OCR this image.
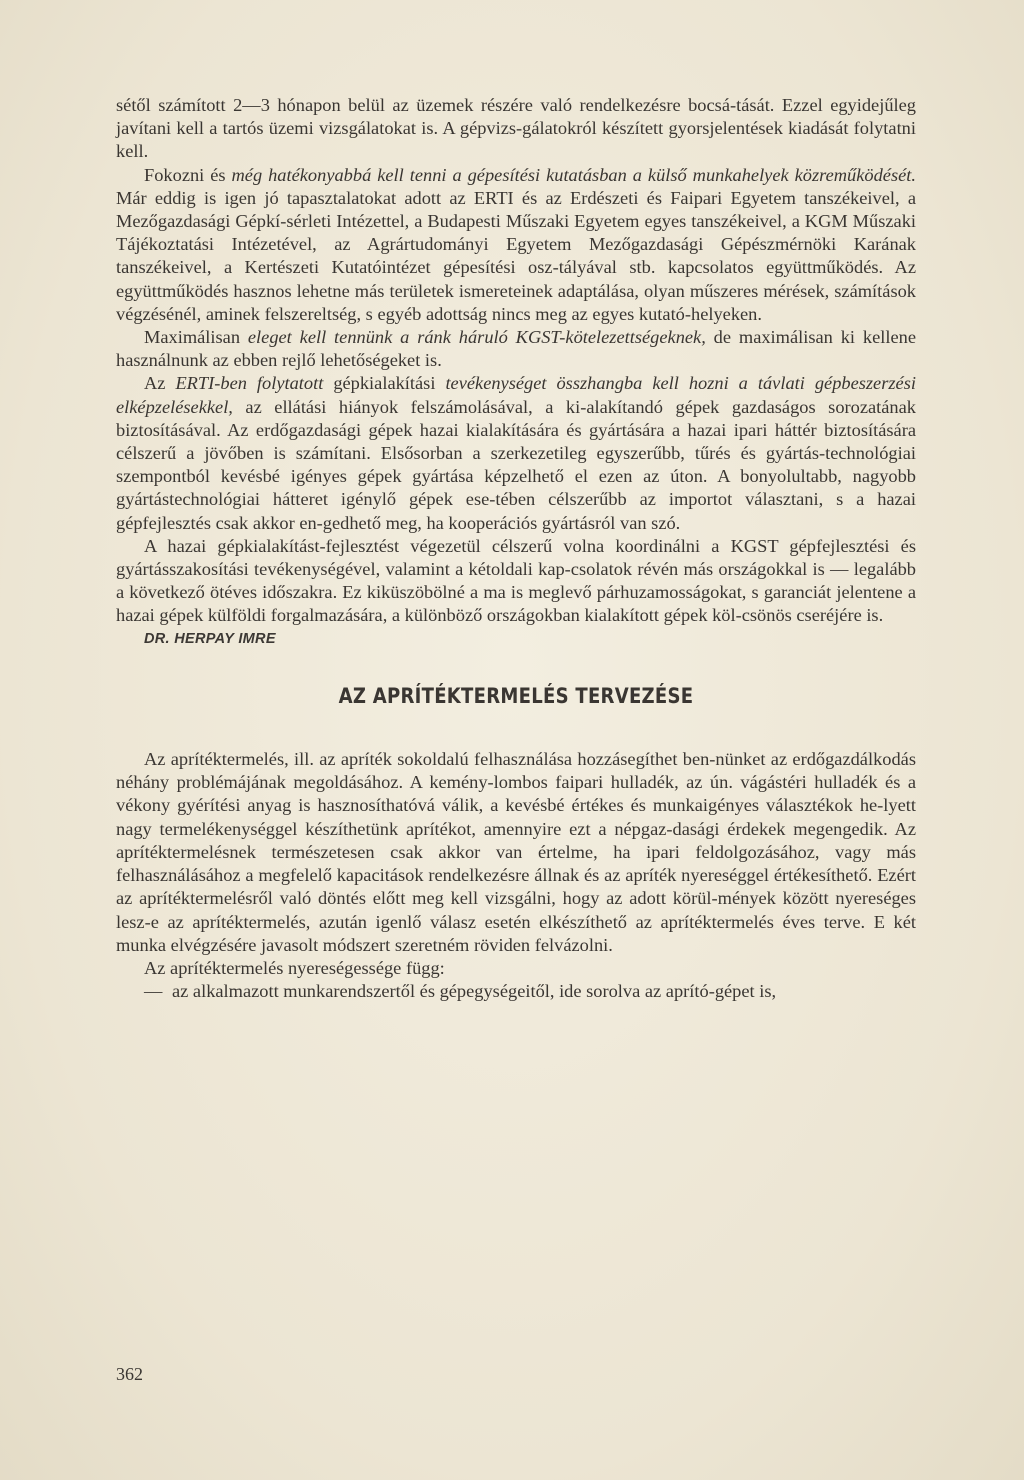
sétől számított 2—3 hónapon belül az üzemek részére való rendelkezésre bocsá-tását. Ezzel egyidejűleg javítani kell a tartós üzemi vizsgálatokat is. A gépvizs-gálatokról készített gyorsjelentések kiadását folytatni kell.

Fokozni és még hatékonyabbá kell tenni a gépesítési kutatásban a külső munkahelyek közreműködését. Már eddig is igen jó tapasztalatokat adott az ERTI és az Erdészeti és Faipari Egyetem tanszékeivel, a Mezőgazdasági Gépkí-sérleti Intézettel, a Budapesti Műszaki Egyetem egyes tanszékeivel, a KGM Műszaki Tájékoztatási Intézetével, az Agrártudományi Egyetem Mezőgazdasági Gépészmérnöki Karának tanszékeivel, a Kertészeti Kutatóintézet gépesítési osz-tályával stb. kapcsolatos együttműködés. Az együttműködés hasznos lehetne más területek ismereteinek adaptálása, olyan műszeres mérések, számítások végzésénél, aminek felszereltség, s egyéb adottság nincs meg az egyes kutató-helyeken.

Maximálisan eleget kell tennünk a ránk háruló KGST-kötelezettségeknek, de maximálisan ki kellene használnunk az ebben rejlő lehetőségeket is.

Az ERTI-ben folytatott gépkialakítási tevékenységet összhangba kell hozni a távlati gépbeszerzési elképzelésekkel, az ellátási hiányok felszámolásával, a ki-alakítandó gépek gazdaságos sorozatának biztosításával. Az erdőgazdasági gépek hazai kialakítására és gyártására a hazai ipari háttér biztosítására célszerű a jövőben is számítani. Elsősorban a szerkezetileg egyszerűbb, tűrés és gyártás-technológiai szempontból kevésbé igényes gépek gyártása képzelhető el ezen az úton. A bonyolultabb, nagyobb gyártástechnológiai hátteret igénylő gépek ese-tében célszerűbb az importot választani, s a hazai gépfejlesztés csak akkor en-gedhető meg, ha kooperációs gyártásról van szó.

A hazai gépkialakítást-fejlesztést végezetül célszerű volna koordinálni a KGST gépfejlesztési és gyártásszakosítási tevékenységével, valamint a kétoldali kap-csolatok révén más országokkal is — legalább a következő ötéves időszakra. Ez kiküszöbölné a ma is meglevő párhuzamosságokat, s garanciát jelentene a hazai gépek külföldi forgalmazására, a különböző országokban kialakított gépek köl-csönös cseréjére is.

DR. HERPAY IMRE

AZ APRÍTÉKTERMELÉS TERVEZÉSE

Az aprítéktermelés, ill. az apríték sokoldalú felhasználása hozzásegíthet ben-nünket az erdőgazdálkodás néhány problémájának megoldásához. A kemény-lombos faipari hulladék, az ún. vágástéri hulladék és a vékony gyérítési anyag is hasznosíthatóvá válik, a kevésbé értékes és munkaigényes választékok he-lyett nagy termelékenységgel készíthetünk aprítékot, amennyire ezt a népgaz-dasági érdekek megengedik. Az aprítéktermelésnek természetesen csak akkor van értelme, ha ipari feldolgozásához, vagy más felhasználásához a megfelelő kapacitások rendelkezésre állnak és az apríték nyereséggel értékesíthető. Ezért az aprítéktermelésről való döntés előtt meg kell vizsgálni, hogy az adott körül-mények között nyereséges lesz-e az aprítéktermelés, azután igenlő válasz esetén elkészíthető az aprítéktermelés éves terve. E két munka elvégzésére javasolt módszert szeretném röviden felvázolni.

Az aprítéktermelés nyereségessége függ:

— az alkalmazott munkarendszertől és gépegységeitől, ide sorolva az aprító-gépet is,

362
